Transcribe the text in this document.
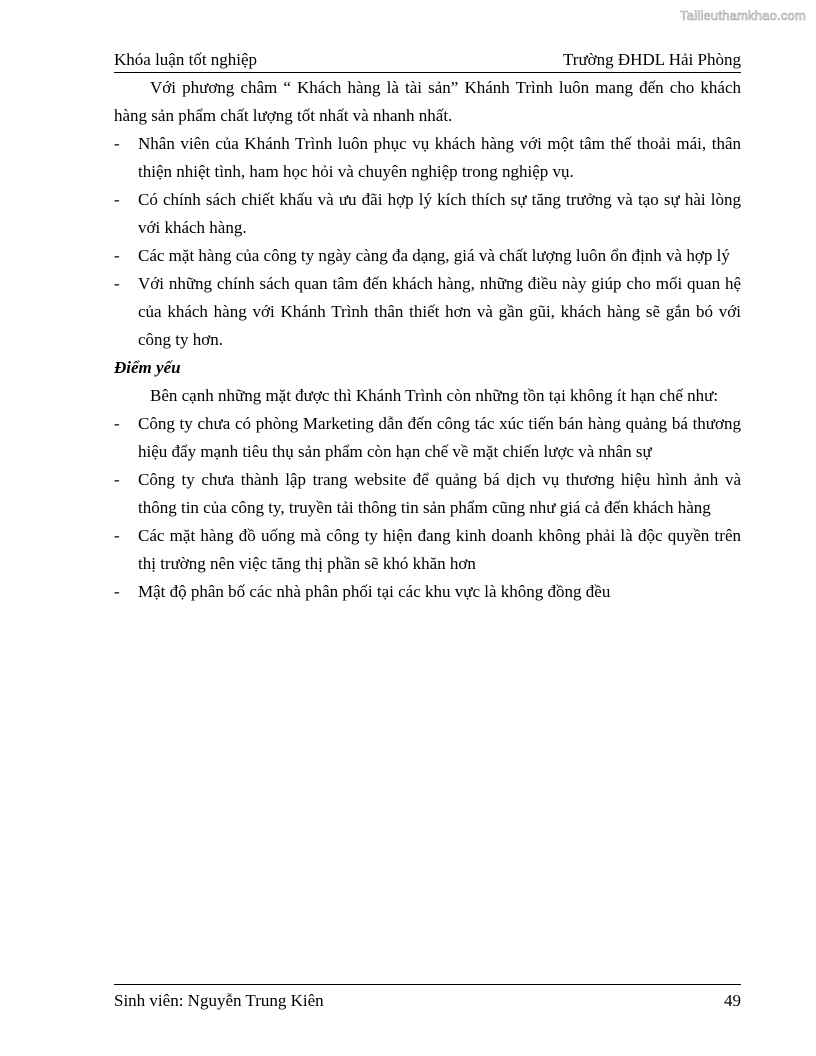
Tailieuthamkhao.com
Khóa luận tốt nghiệp	Trường ĐHDL Hải Phòng

Với phương châm “ Khách hàng là tài sản” Khánh Trình luôn mang đến cho khách hàng sản phẩm chất lượng tốt nhất và nhanh nhất.

- Nhân viên của Khánh Trình luôn phục vụ khách hàng với một tâm thế thoải mái, thân thiện nhiệt tình, ham học hỏi và chuyên nghiệp trong nghiệp vụ.
- Có chính sách chiết khấu và ưu đãi hợp lý kích thích sự tăng trưởng và tạo sự hài lòng với khách hàng.
- Các mặt hàng của công ty ngày càng đa dạng, giá và chất lượng luôn ổn định và hợp lý
- Với những chính sách quan tâm đến khách hàng, những điều này giúp cho mối quan hệ của khách hàng với Khánh Trình thân thiết hơn và gần gũi, khách hàng sẽ gắn bó với công ty hơn.

Điểm yếu

Bên cạnh những mặt được thì Khánh Trình còn những tồn tại không ít hạn chế như:

- Công ty chưa có phòng Marketing dẫn đến công tác xúc tiến bán hàng quảng bá thương hiệu đẩy mạnh tiêu thụ sản phẩm còn hạn chế về mặt chiến lược và nhân sự
- Công ty chưa thành lập trang website để quảng bá dịch vụ thương hiệu hình ảnh và thông tin của công ty, truyền tải thông tin sản phẩm cũng như giá cả đến khách hàng
- Các mặt hàng đồ uống mà công ty hiện đang kinh doanh không phải là độc quyền trên thị trường nên việc tăng thị phần sẽ khó khăn hơn
- Mật độ phân bố các nhà phân phối tại các khu vực là không đồng đều
Sinh viên: Nguyễn Trung Kiên	49
